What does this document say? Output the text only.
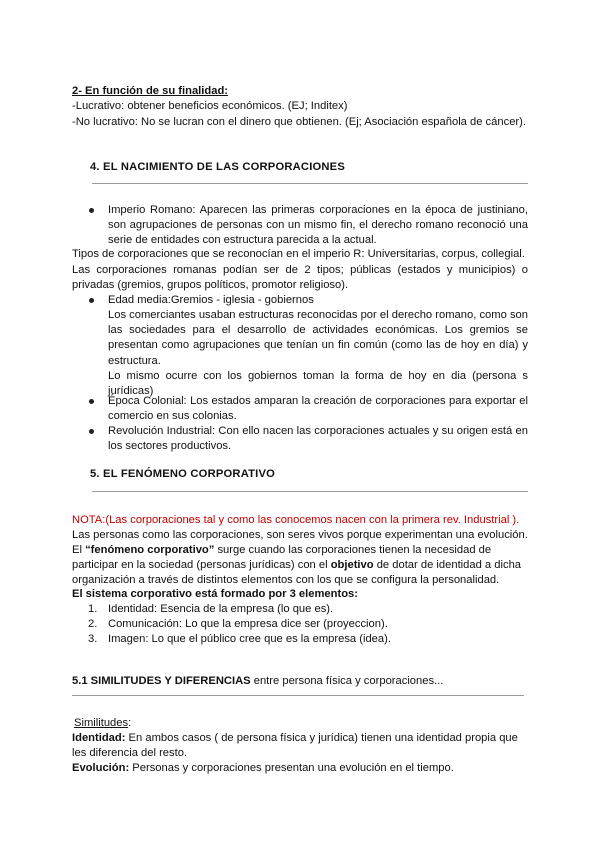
2- En función de su finalidad:
-Lucrativo: obtener beneficios económicos. (EJ; Inditex)
-No lucrativo: No se lucran con el dinero que obtienen. (Ej; Asociación española de cáncer).
4. EL NACIMIENTO DE LAS CORPORACIONES
Imperio Romano: Aparecen las primeras corporaciones en la época de justiniano, son agrupaciones de personas con un mismo fin, el derecho romano reconoció una serie de entidades con estructura parecida a la actual.
Tipos de corporaciones que se reconocían en el imperio R: Universitarias, corpus, collegial.
Las corporaciones romanas podían ser de 2 tipos; públicas (estados y municipios) o privadas (gremios, grupos políticos, promotor religioso).
Edad media:Gremios - iglesia - gobiernos
Los comerciantes usaban estructuras reconocidas por el derecho romano, como son las sociedades para el desarrollo de actividades económicas. Los gremios se presentan como agrupaciones que tenían un fin común (como las de hoy en día) y estructura.
Lo mismo ocurre con los gobiernos toman la forma de hoy en dia (persona s jurídicas)
Época Colonial: Los estados amparan la creación de corporaciones para exportar el comercio en sus colonias.
Revolución Industrial: Con ello nacen las corporaciones actuales y su origen está en los sectores productivos.
5. EL FENÓMENO CORPORATIVO
NOTA:(Las corporaciones tal y como las conocemos nacen con la primera rev. Industrial ).
Las personas como las corporaciones, son seres vivos porque experimentan una evolución.
El “fenómeno corporativo” surge cuando las corporaciones tienen la necesidad de
participar en la sociedad (personas jurídicas) con el objetivo de dotar de identidad a dicha
organización a través de distintos elementos con los que se configura la personalidad.
El sistema corporativo está formado por 3 elementos:
1. Identidad: Esencia de la empresa (lo que es).
2. Comunicación: Lo que la empresa dice ser (proyeccion).
3. Imagen: Lo que el público cree que es la empresa (idea).
5.1 SIMILITUDES Y DIFERENCIAS entre persona física y corporaciones...
Similitudes:
Identidad: En ambos casos ( de persona física y jurídica) tienen una identidad propia que
les diferencia del resto.
Evolución: Personas y corporaciones presentan una evolución en el tiempo.
